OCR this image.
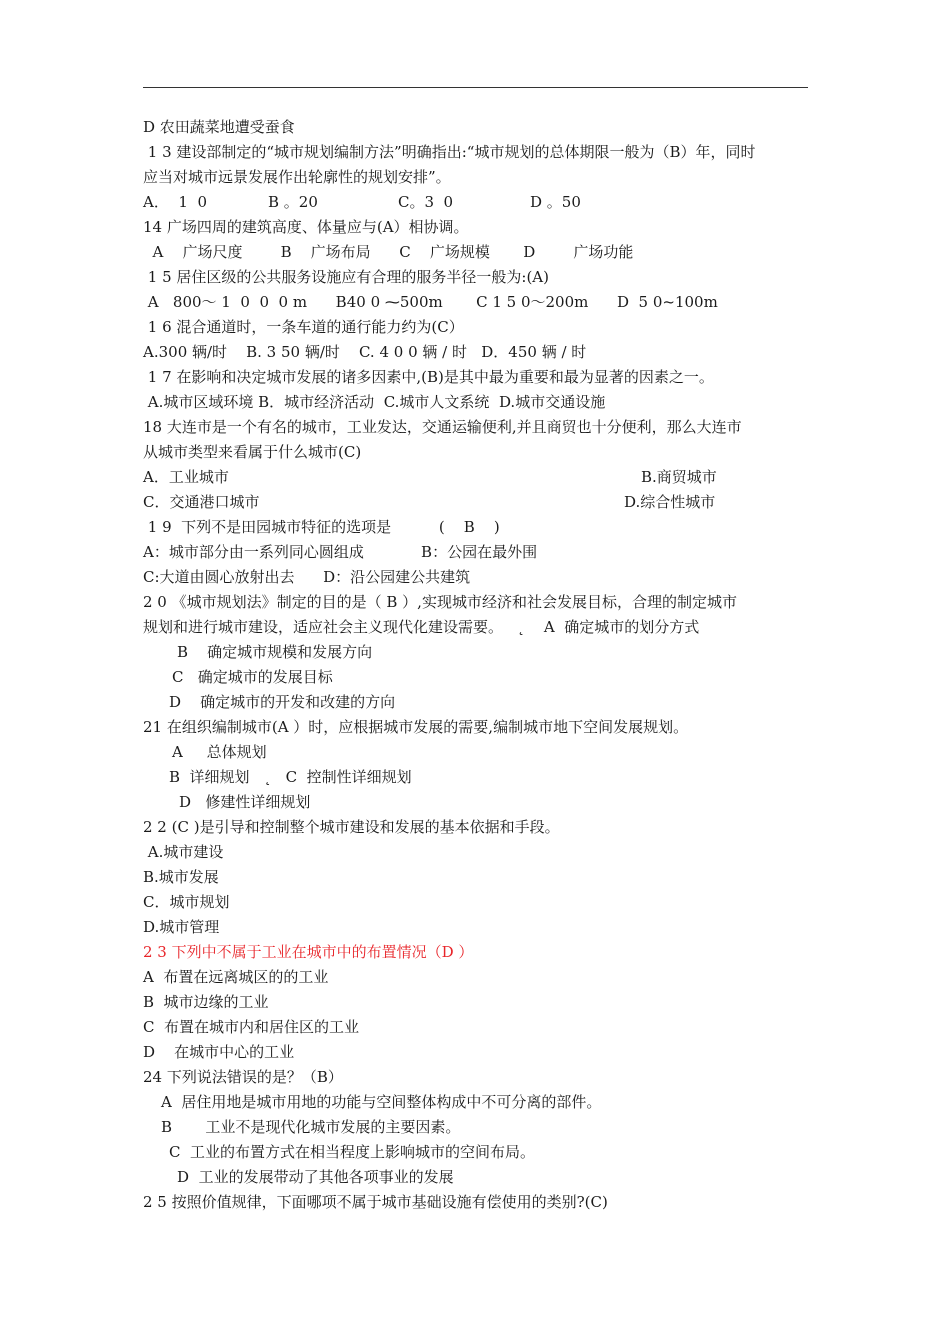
D 农田蔬菜地遭受蚕食
1 3 建设部制定的“城市规划编制方法”明确指出:“城市规划的总体期限一般为（B）年，同时
应当对城市远景发展作出轮廓性的规划安排”。
A．  1  0	B 。20	C。3  0	D 。50
14 广场四周的建筑高度、体量应与(A）相协调。
A    广场尺度        B    广场布局      C    广场规模       D        广场功能
1 5 居住区级的公共服务设施应有合理的服务半径一般为:(A)
A   800～ 1  0  0  0 m      B40 0 ⁓500m       C 1 5 0～200m      D  5 0~100m
1 6 混合通道时，一条车道的通行能力约为(C）
A.300 辆/时    B. 3 50 辆/时    C. 4 0 0 辆 / 时   D．450 辆 / 时
1 7 在影响和决定城市发展的诸多因素中,(B)是其中最为重要和最为显著的因素之一。
A.城市区域环境 B．城市经济活动  C.城市人文系统  D.城市交通设施
18 大连市是一个有名的城市，工业发达，交通运输便利,并且商贸也十分便利，那么大连市
从城市类型来看属于什么城市(C)
A．工业城市	B.商贸城市
C．交通港口城市	D.综合性城市
1 9  下列不是田园城市特征的选项是          (    B    )
A：城市部分由一系列同心圆组成            B：公园在最外围
C:大道由圆心放射出去      D：沿公园建公共建筑
2 0 《城市规划法》制定的目的是（ B ）,实现城市经济和社会发展目标，合理的制定城市
规划和进行城市建设，适应社会主义现代化建设需要。   ˛    A  确定城市的划分方式
B    确定城市规模和发展方向
C   确定城市的发展目标
D    确定城市的开发和改建的方向
21 在组织编制城市(A ）时，应根据城市发展的需要,编制城市地下空间发展规划。
A     总体规划
B  详细规划   ˛   C  控制性详细规划
D   修建性详细规划
2 2 (C )是引导和控制整个城市建设和发展的基本依据和手段。
A.城市建设
B.城市发展
C．城市规划
D.城市管理
2 3 下列中不属于工业在城市中的布置情况（D ）
A  布置在远离城区的的工业
B  城市边缘的工业
C  布置在城市内和居住区的工业
D    在城市中心的工业
24 下列说法错误的是？（B）
A  居住用地是城市用地的功能与空间整体构成中不可分离的部件。
B       工业不是现代化城市发展的主要因素。
C  工业的布置方式在相当程度上影响城市的空间布局。
D  工业的发展带动了其他各项事业的发展
2 5 按照价值规律，下面哪项不属于城市基础设施有偿使用的类别?(C)
